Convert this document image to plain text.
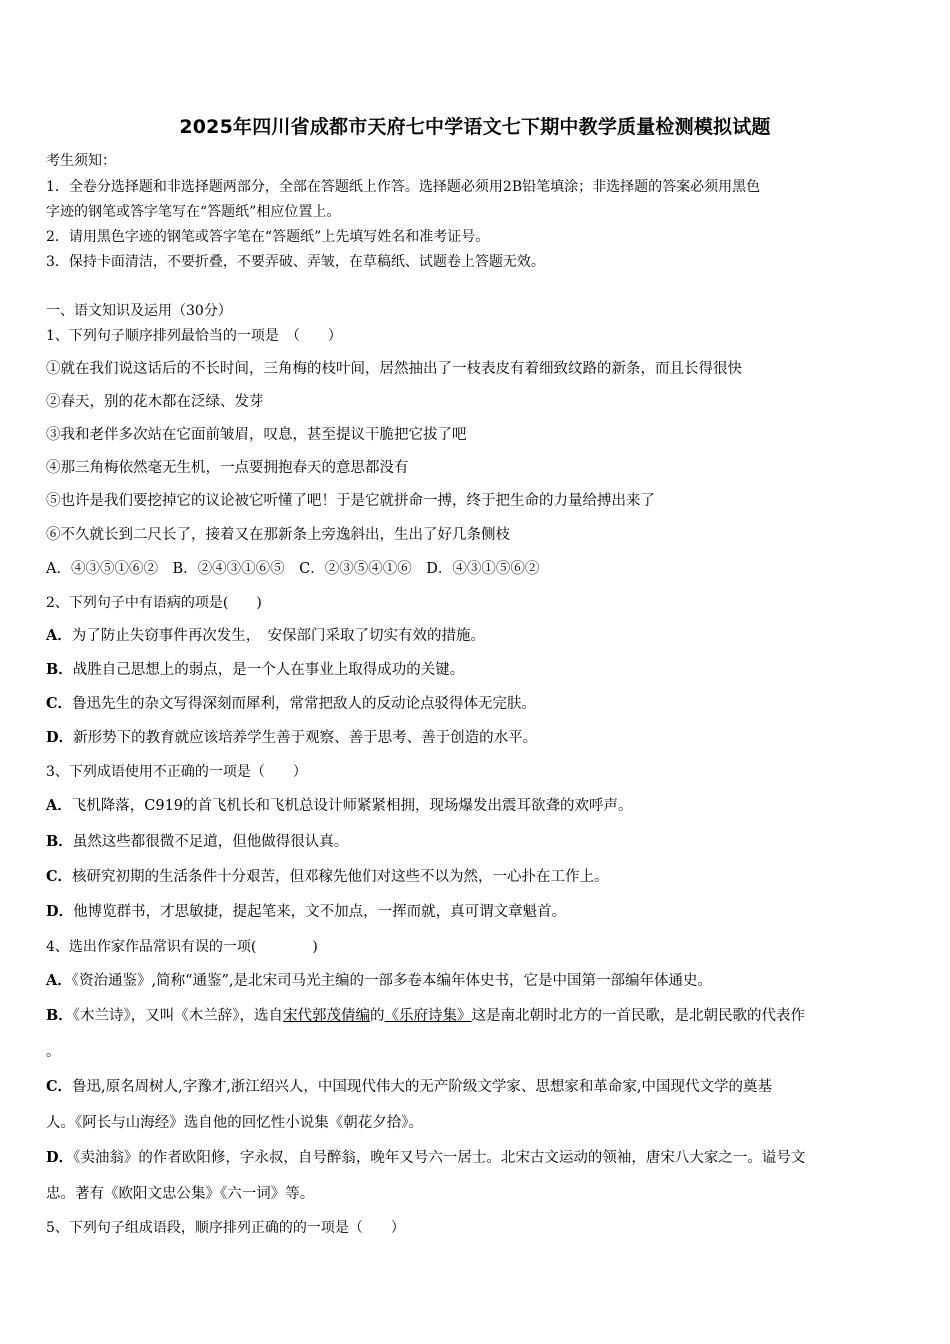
2025年四川省成都市天府七中学语文七下期中教学质量检测模拟试题
考生须知：
1．全卷分选择题和非选择题两部分，全部在答题纸上作答。选择题必须用2B铅笔填涂；非选择题的答案必须用黑色
字迹的钢笔或答字笔写在“答题纸”相应位置上。
2．请用黑色字迹的钢笔或答字笔在“答题纸”上先填写姓名和准考证号。
3．保持卡面清洁，不要折叠，不要弄破、弄皱，在草稿纸、试题卷上答题无效。
一、语文知识及运用（30分）
1、下列句子顺序排列最恰当的一项是　（　　）
①就在我们说这话后的不长时间，三角梅的枝叶间，居然抽出了一枝表皮有着细致纹路的新条，而且长得很快
②春天，别的花木都在泛绿、发芽
③我和老伴多次站在它面前皱眉，叹息，甚至提议干脆把它拔了吧
④那三角梅依然毫无生机，一点要拥抱春天的意思都没有
⑤也许是我们要挖掉它的议论被它听懂了吧！于是它就拼命一搏，终于把生命的力量给搏出来了
⑥不久就长到二尺长了，接着又在那新条上旁逸斜出，生出了好几条侧枝
A．④③⑤①⑥②　B．②④③①⑥⑤　C．②③⑤④①⑥　D．④③①⑤⑥②
2、下列句子中有语病的项是(　　)
A．为了防止失窃事件再次发生，　安保部门采取了切实有效的措施。
B．战胜自己思想上的弱点，是一个人在事业上取得成功的关键。
C．鲁迅先生的杂文写得深刻而犀利，常常把敌人的反动论点驳得体无完肤。
D．新形势下的教育就应该培养学生善于观察、善于思考、善于创造的水平。
3、下列成语使用不正确的一项是（　　）
A．飞机降落，C919的首飞机长和飞机总设计师紧紧相拥，现场爆发出震耳欲聋的欢呼声。
B．虽然这些都很微不足道，但他做得很认真。
C．核研究初期的生活条件十分艰苦，但邓稼先他们对这些不以为然，一心扑在工作上。
D．他博览群书，才思敏捷，提起笔来，文不加点，一挥而就，真可谓文章魁首。
4、选出作家作品常识有误的一项(　　　　)
A．《资治通鉴》,简称“通鉴”,是北宋司马光主编的一部多卷本编年体史书，它是中国第一部编年体通史。
B．《木兰诗》，又叫《木兰辞》，选自宋代郭茂倩编的《乐府诗集》这是南北朝时北方的一首民歌，是北朝民歌的代表作
。
C．鲁迅,原名周树人,字豫才,浙江绍兴人，中国现代伟大的无产阶级文学家、思想家和革命家,中国现代文学的奠基
人。《阿长与山海经》选自他的回忆性小说集《朝花夕拾》。
D．《卖油翁》的作者欧阳修，字永叔，自号醉翁，晚年又号六一居士。北宋古文运动的领袖，唐宋八大家之一。谥号文
忠。著有《欧阳文忠公集》《六一词》等。
5、下列句子组成语段，顺序排列正确的的一项是（　　）
